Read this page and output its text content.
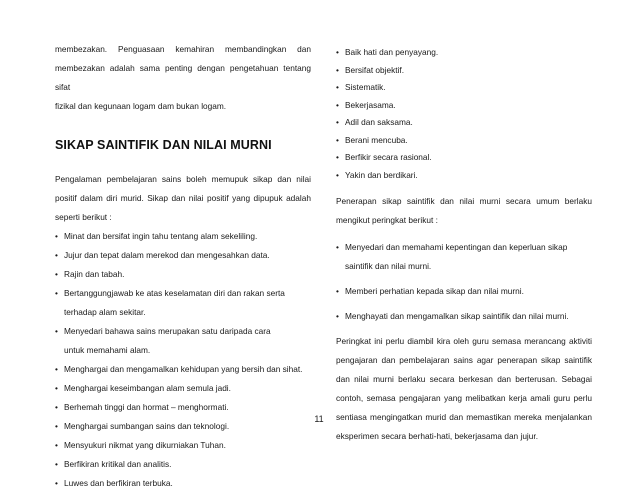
membezakan. Penguasaan kemahiran membandingkan dan

membezakan adalah sama penting dengan pengetahuan tentang sifat

fizikal dan kegunaan logam dam bukan logam.

SIKAP SAINTIFIK DAN NILAI MURNI

Pengalaman pembelajaran sains boleh memupuk sikap dan nilai

positif dalam diri murid. Sikap dan nilai positif yang dipupuk adalah

seperti berikut :

• Minat dan bersifat ingin tahu tentang alam sekeliling.
• Jujur dan tepat dalam merekod dan mengesahkan data.
• Rajin dan tabah.
• Bertanggungjawab ke atas keselamatan diri dan rakan serta terhadap alam sekitar.
• Menyedari bahawa sains merupakan satu daripada cara untuk memahami alam.
• Menghargai dan mengamalkan kehidupan yang bersih dan sihat.
• Menghargai keseimbangan alam semula jadi.
• Berhemah tinggi dan hormat – menghormati.
• Menghargai sumbangan sains dan teknologi.
• Mensyukuri nikmat yang dikurniakan Tuhan.
• Berfikiran kritikal dan analitis.
• Luwes dan berfikiran terbuka.
• Baik hati dan penyayang.
• Bersifat objektif.
• Sistematik.
• Bekerjasama.
• Adil dan saksama.
• Berani mencuba.
• Berfikir secara rasional.
• Yakin dan berdikari.

Penerapan sikap saintifik dan nilai murni secara umum berlaku

mengikut peringkat berikut :

• Menyedari dan memahami kepentingan dan keperluan sikap saintifik dan nilai murni.
• Memberi perhatian kepada sikap dan nilai murni.
• Menghayati dan mengamalkan sikap saintifik dan nilai murni.

Peringkat ini perlu diambil kira oleh guru semasa merancang aktiviti

pengajaran dan pembelajaran sains agar penerapan sikap saintifik

dan nilai murni berlaku secara berkesan dan berterusan. Sebagai

contoh, semasa pengajaran yang melibatkan kerja amali guru perlu

sentiasa mengingatkan murid dan memastikan mereka menjalankan

eksperimen secara berhati-hati, bekerjasama dan jujur.

11
